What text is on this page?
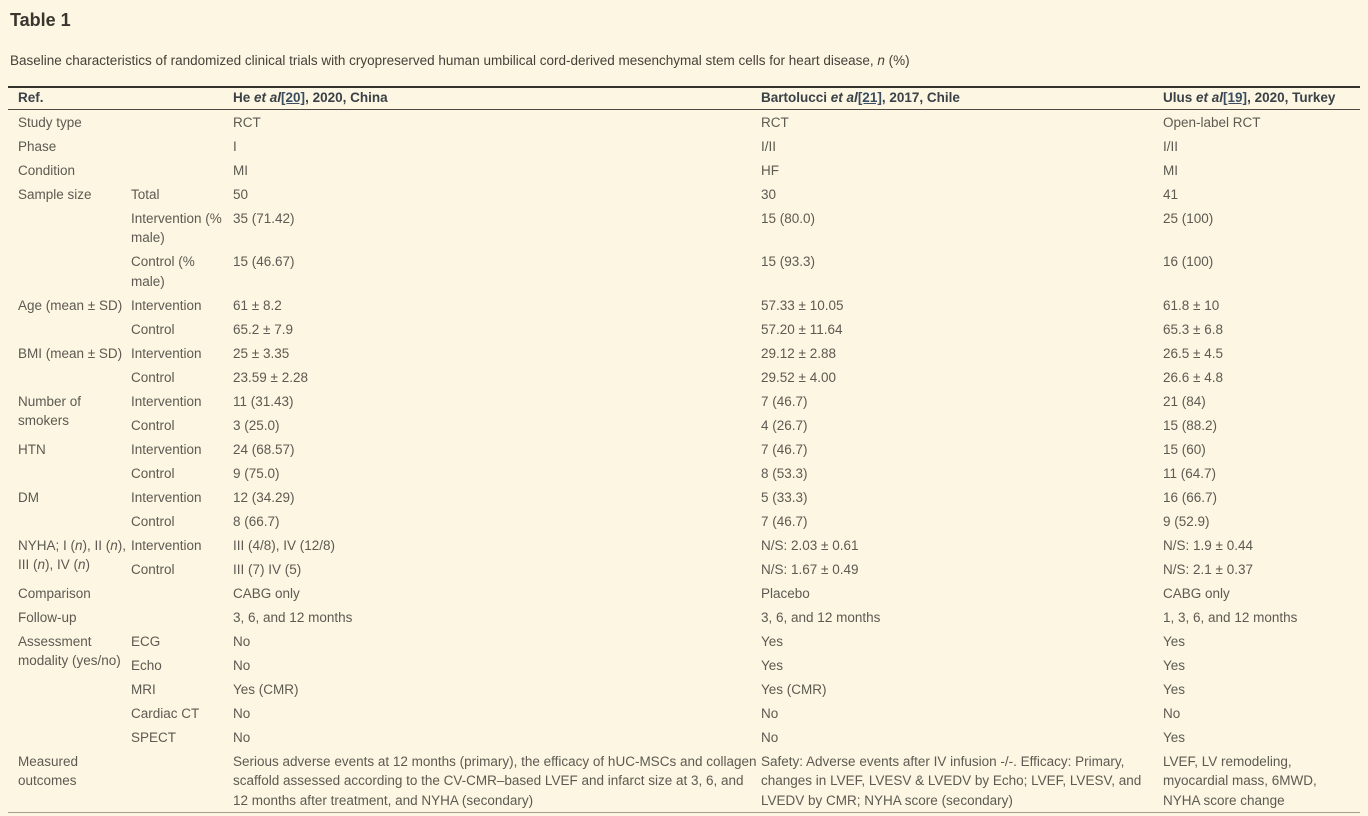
Table 1
Baseline characteristics of randomized clinical trials with cryopreserved human umbilical cord-derived mesenchymal stem cells for heart disease, n (%)
Ref.		He et al[20], 2020, China	Bartolucci et al[21], 2017, Chile	Ulus et al[19], 2020, Turkey
Study type		RCT	RCT	Open-label RCT
Phase		I	I/II	I/II
Condition		MI	HF	MI
Sample size	Total	50	30	41
	Intervention (% male)	35 (71.42)	15 (80.0)	25 (100)
	Control (% male)	15 (46.67)	15 (93.3)	16 (100)
Age (mean ± SD)	Intervention	61 ± 8.2	57.33 ± 10.05	61.8 ± 10
	Control	65.2 ± 7.9	57.20 ± 11.64	65.3 ± 6.8
BMI (mean ± SD)	Intervention	25 ± 3.35	29.12 ± 2.88	26.5 ± 4.5
	Control	23.59 ± 2.28	29.52 ± 4.00	26.6 ± 4.8
Number of smokers	Intervention	11 (31.43)	7 (46.7)	21 (84)
	Control	3 (25.0)	4 (26.7)	15 (88.2)
HTN	Intervention	24 (68.57)	7 (46.7)	15 (60)
	Control	9 (75.0)	8 (53.3)	11 (64.7)
DM	Intervention	12 (34.29)	5 (33.3)	16 (66.7)
	Control	8 (66.7)	7 (46.7)	9 (52.9)
NYHA; I (n), II (n),
III (n), IV (n)	Intervention	III (4/8), IV (12/8)	N/S: 2.03 ± 0.61	N/S: 1.9 ± 0.44
	Control	III (7) IV (5)	N/S: 1.67 ± 0.49	N/S: 2.1 ± 0.37
Comparison		CABG only	Placebo	CABG only
Follow-up		3, 6, and 12 months	3, 6, and 12 months	1, 3, 6, and 12 months
Assessment modality (yes/no)	ECG	No	Yes	Yes
	Echo	No	Yes	Yes
	MRI	Yes (CMR)	Yes (CMR)	Yes
	Cardiac CT	No	No	No
	SPECT	No	No	Yes
Measured outcomes		Serious adverse events at 12 months (primary), the efficacy of hUC-MSCs and collagen scaffold assessed according to the CV-CMR–based LVEF and infarct size at 3, 6, and 12 months after treatment, and NYHA (secondary)	Safety: Adverse events after IV infusion -/-. Efficacy: Primary, changes in LVEF, LVESV & LVEDV by Echo; LVEF, LVESV, and LVEDV by CMR; NYHA score (secondary)	LVEF, LV remodeling, myocardial mass, 6MWD, NYHA score change
